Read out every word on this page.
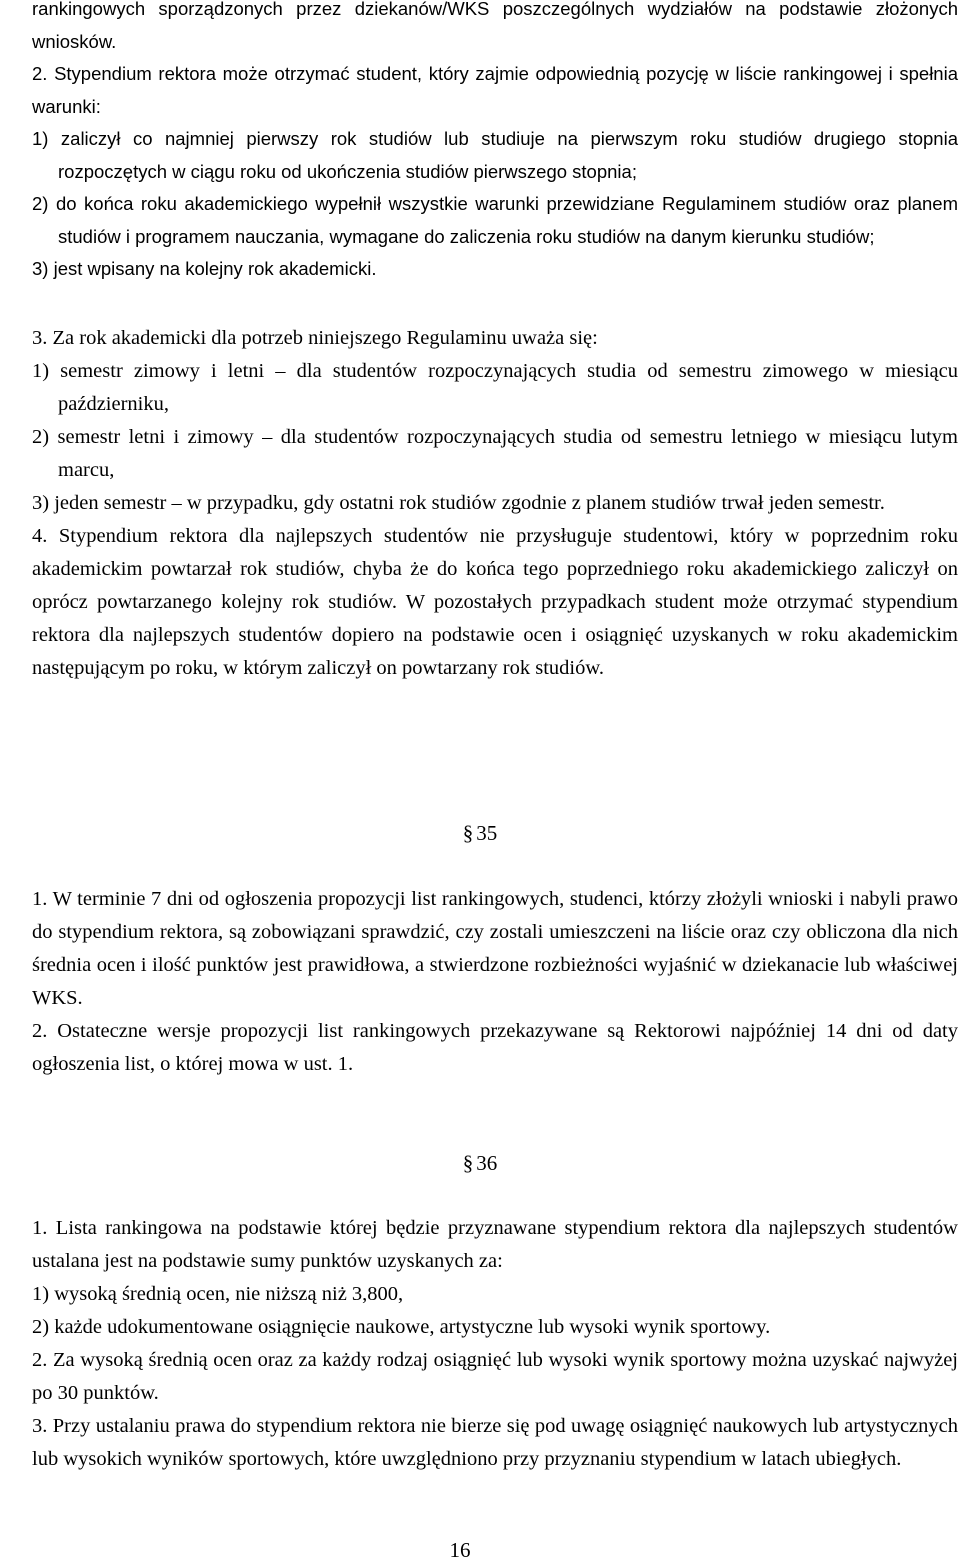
rankingowych sporządzonych przez dziekanów/WKS poszczególnych wydziałów na podstawie złożonych wniosków.

2. Stypendium rektora może otrzymać student, który zajmie odpowiednią pozycję w liście rankingowej i spełnia warunki:

1) zaliczył co najmniej pierwszy rok studiów lub studiuje na pierwszym roku studiów drugiego stopnia rozpoczętych w ciągu roku od ukończenia studiów pierwszego stopnia;

2) do końca roku akademickiego wypełnił wszystkie warunki przewidziane Regulaminem studiów oraz planem studiów i programem nauczania, wymagane do zaliczenia roku studiów na danym kierunku studiów;

3) jest wpisany na kolejny rok akademicki.

3. Za rok akademicki dla potrzeb niniejszego Regulaminu uważa się:

1) semestr zimowy i letni – dla studentów rozpoczynających studia od semestru zimowego w miesiącu październiku,

2) semestr letni i zimowy – dla studentów rozpoczynających studia od semestru letniego w miesiącu lutym marcu,

3) jeden semestr – w przypadku, gdy ostatni rok studiów zgodnie z planem studiów trwał jeden semestr.

4. Stypendium rektora dla najlepszych studentów nie przysługuje studentowi, który w poprzednim roku akademickim powtarzał rok studiów, chyba że do końca tego poprzedniego roku akademickiego zaliczył on oprócz powtarzanego kolejny rok studiów. W pozostałych przypadkach student może otrzymać stypendium rektora dla najlepszych studentów dopiero na podstawie ocen i osiągnięć uzyskanych w roku akademickim następującym po roku, w którym zaliczył on powtarzany rok studiów.

§ 35

1. W terminie 7 dni od ogłoszenia propozycji list rankingowych, studenci, którzy złożyli wnioski i nabyli prawo do stypendium rektora, są zobowiązani sprawdzić, czy zostali umieszczeni na liście oraz czy obliczona dla nich średnia ocen i ilość punktów jest prawidłowa, a stwierdzone rozbieżności wyjaśnić w dziekanacie lub właściwej WKS.

2. Ostateczne wersje propozycji list rankingowych przekazywane są Rektorowi najpóźniej 14 dni od daty ogłoszenia list, o której mowa w ust. 1.

§ 36

1. Lista rankingowa na podstawie której będzie przyznawane stypendium rektora dla najlepszych studentów ustalana jest na podstawie sumy punktów uzyskanych za:

1) wysoką średnią ocen, nie niższą niż 3,800,

2) każde udokumentowane osiągnięcie naukowe, artystyczne lub wysoki wynik sportowy.

2. Za wysoką średnią ocen oraz za każdy rodzaj osiągnięć lub wysoki wynik sportowy można uzyskać najwyżej po 30 punktów.

3. Przy ustalaniu prawa do stypendium rektora nie bierze się pod uwagę osiągnięć naukowych lub artystycznych lub wysokich wyników sportowych, które uwzględniono przy przyznaniu stypendium w latach ubiegłych.

16
